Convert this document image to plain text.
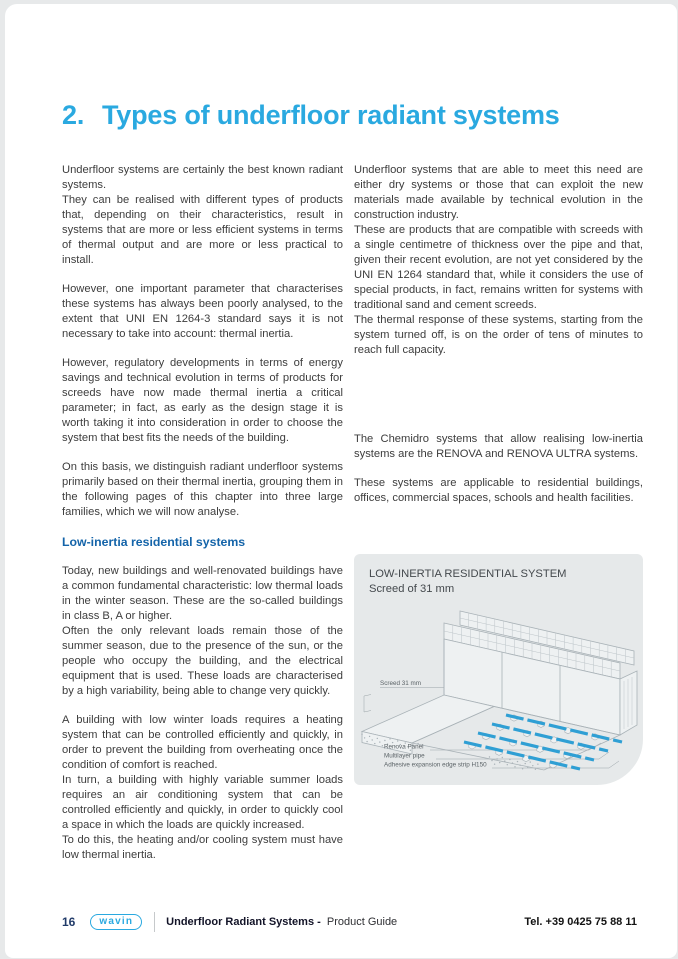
2. Types of underfloor radiant systems

Underfloor systems are certainly the best known radiant systems.

They can be realised with different types of products that, depending on their characteristics, result in systems that are more or less efficient systems in terms of thermal output and are more or less practical to install.

However, one important parameter that characterises these systems has always been poorly analysed, to the extent that UNI EN 1264-3 standard says it is not necessary to take into account: thermal inertia.

However, regulatory developments in terms of energy savings and technical evolution in terms of products for screeds have now made thermal inertia a critical parameter; in fact, as early as the design stage it is worth taking it into consideration in order to choose the system that best fits the needs of the building.

On this basis, we distinguish radiant underfloor systems primarily based on their thermal inertia, grouping them in the following pages of this chapter into three large families, which we will now analyse.

Low-inertia residential systems

Today, new buildings and well-renovated buildings have a common fundamental characteristic: low thermal loads in the winter season. These are the so-called buildings in class B, A or higher.

Often the only relevant loads remain those of the summer season, due to the presence of the sun, or the people who occupy the building, and the electrical equipment that is used. These loads are characterised by a high variability, being able to change very quickly.

A building with low winter loads requires a heating system that can be controlled efficiently and quickly, in order to prevent the building from overheating once the condition of comfort is reached.

In turn, a building with highly variable summer loads requires an air conditioning system that can be controlled efficiently and quickly, in order to quickly cool a space in which the loads are quickly increased.

To do this, the heating and/or cooling system must have low thermal inertia.

Underfloor systems that are able to meet this need are either dry systems or those that can exploit the new materials made available by technical evolution in the construction industry.

These are products that are compatible with screeds with a single centimetre of thickness over the pipe and that, given their recent evolution, are not yet considered by the UNI EN 1264 standard that, while it considers the use of special products, in fact, remains written for systems with traditional sand and cement screeds.

The thermal response of these systems, starting from the system turned off, is on the order of tens of minutes to reach full capacity.

The Chemidro systems that allow realising low-inertia systems are the RENOVA and RENOVA ULTRA systems.

These systems are applicable to residential buildings, offices, commercial spaces, schools and health facilities.

LOW-INERTIA RESIDENTIAL SYSTEM

Screed of 31 mm

Screed 31 mm
Renova Panel
Multilayer pipe
Adhesive expansion edge strip H150
16	wavin	Underfloor Radiant Systems - Product Guide	Tel. +39 0425 75 88 11
